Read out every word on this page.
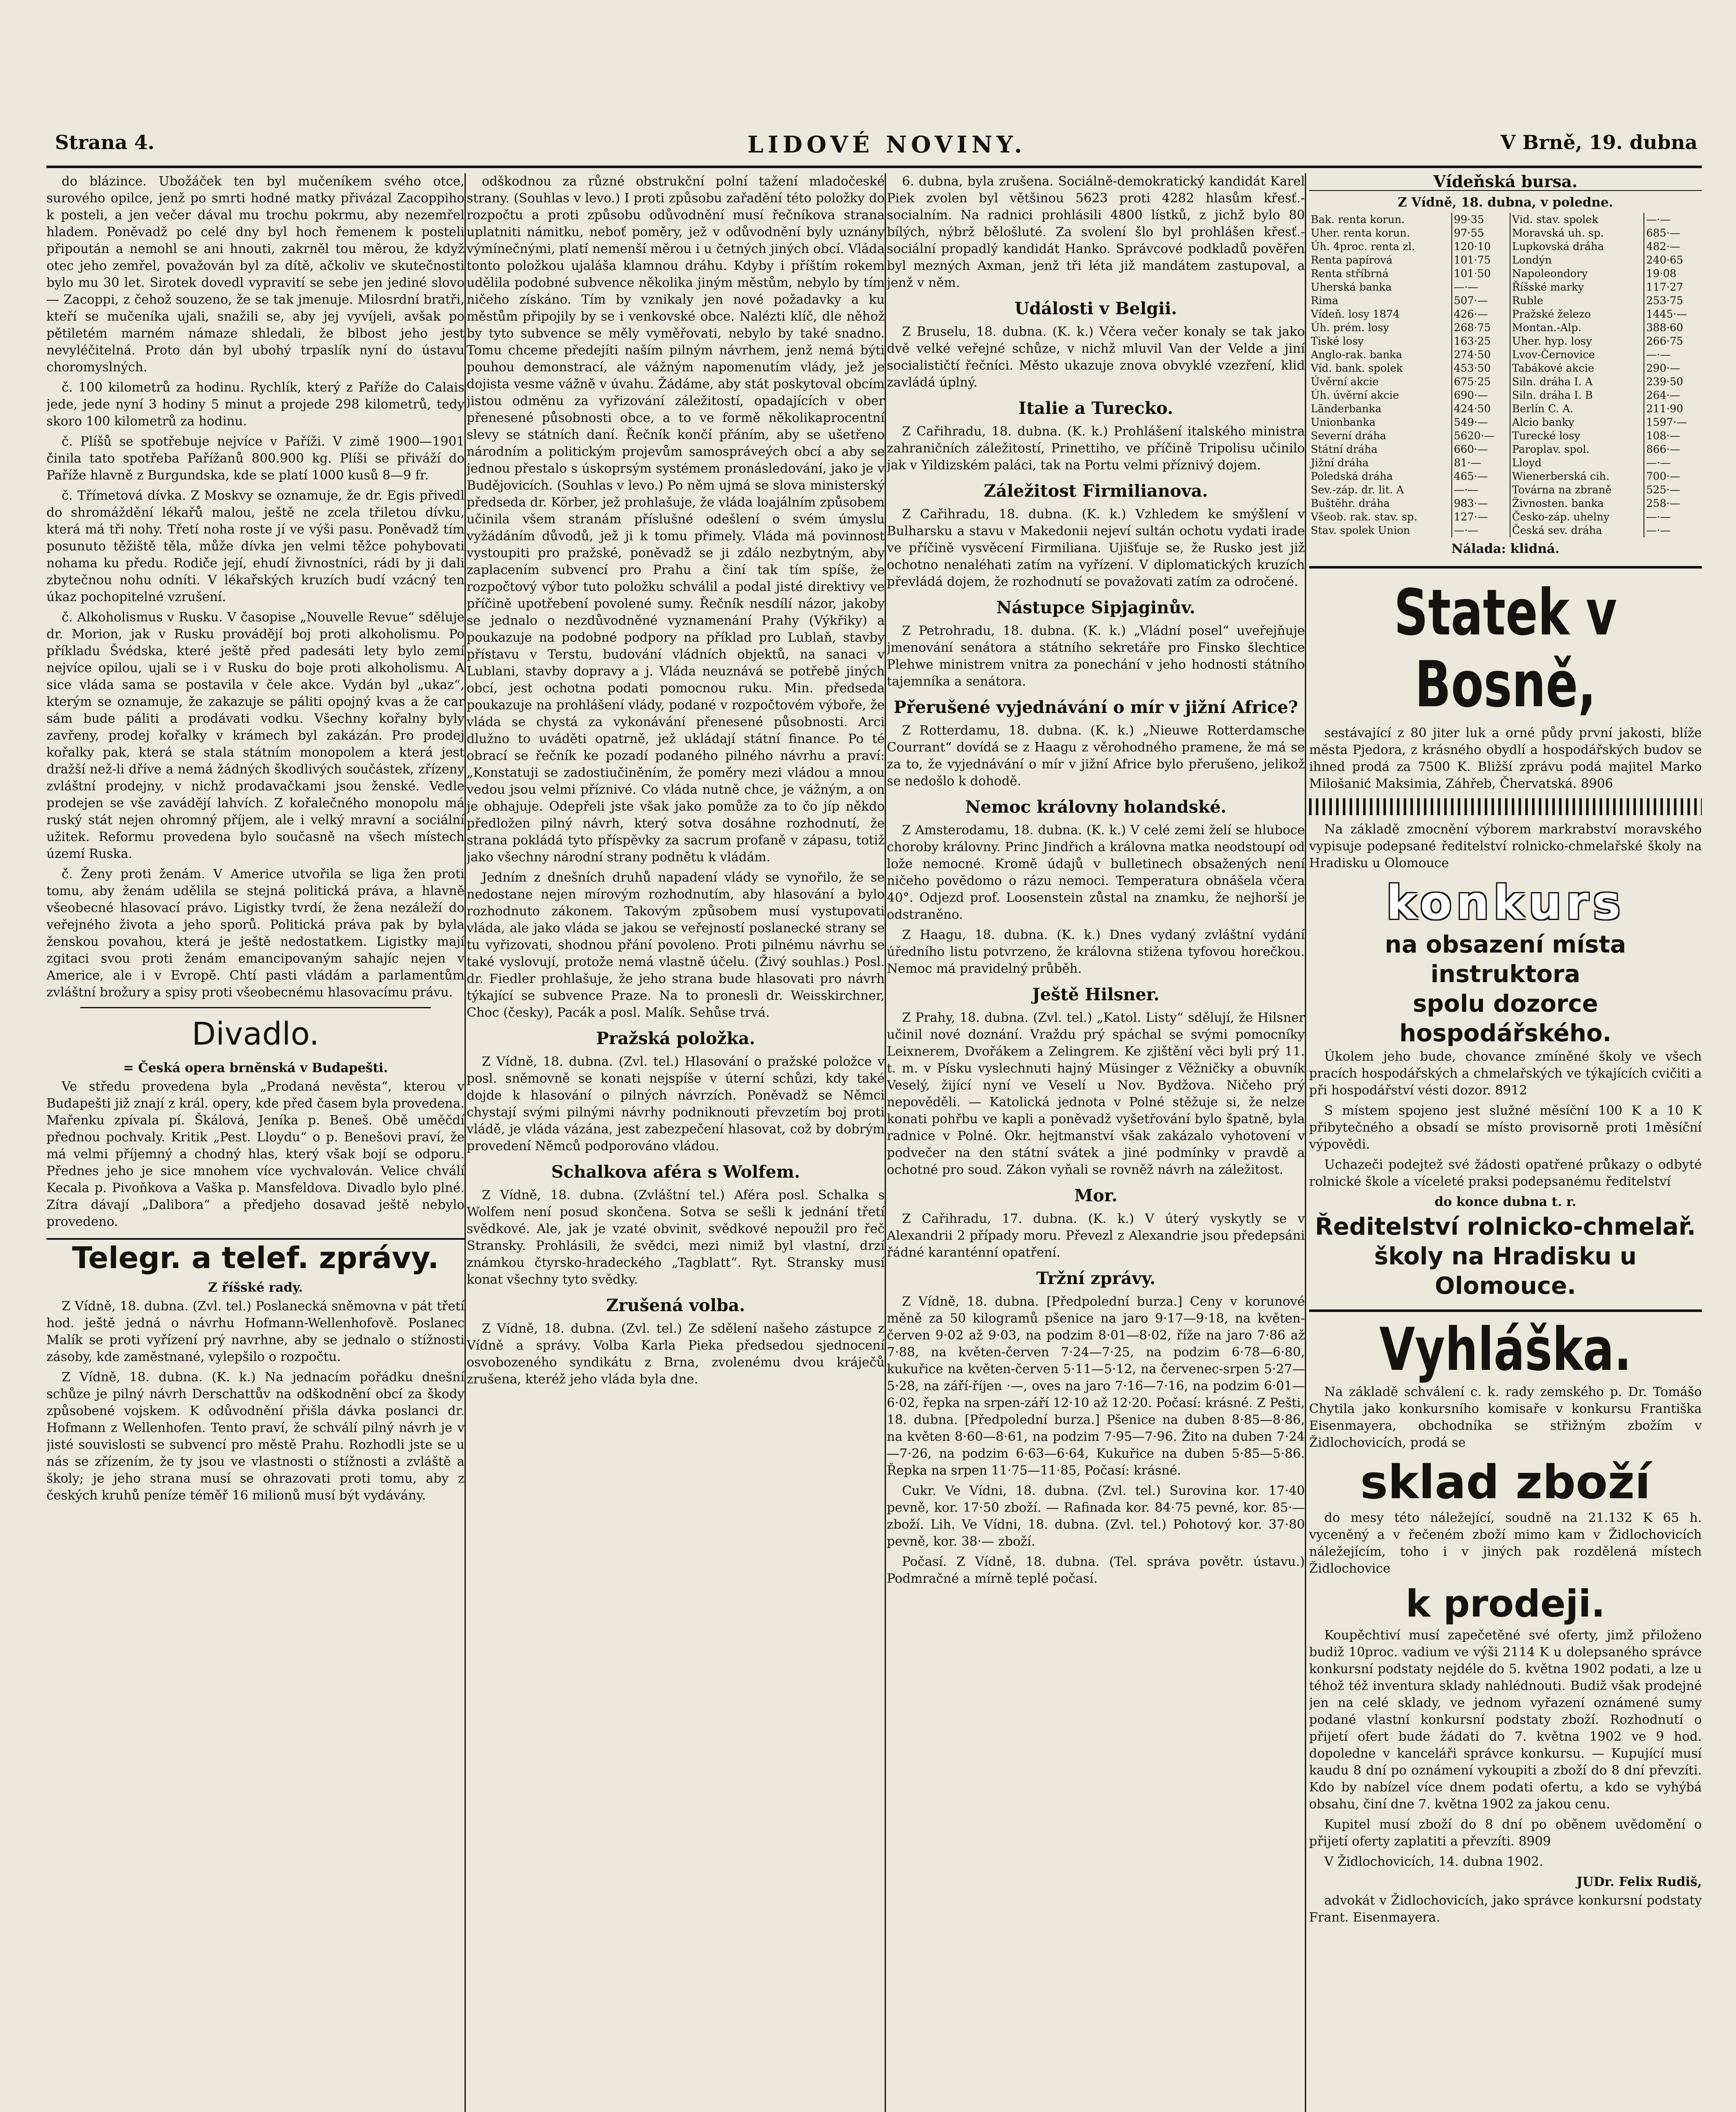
Strana 4.	LIDOVÉ NOVINY.	V Brně, 19. dubna

do blázince. Ubožáček ten byl mučeníkem svého otce, surového opilce, jenž po smrti hodné matky přivázal Zacoppiho k posteli, a jen večer dával mu trochu pokrmu, aby nezemřel hladem. Poněvadž po celé dny byl hoch řemenem k posteli připoután a nemohl se ani hnouti, zakrněl tou měrou, že když otec jeho zemřel, považován byl za dítě, ačkoliv ve skutečnosti bylo mu 30 let. Sirotek dovedl vypravití se sebe jen jediné slovo — Zacoppi, z čehož souzeno, že se tak jmenuje. Milosrdní bratři, kteří se mučeníka ujali, snažili se, aby jej vyvíjeli, avšak po pětiletém marném námaze shledali, že blbost jeho jest nevyléčitelná. Proto dán byl ubohý trpaslík nyní do ústavu choromyslných.

č. 100 kilometrů za hodinu. Rychlík, který z Paříže do Calais jede, jede nyní 3 hodiny 5 minut a projede 298 kilometrů, tedy skoro 100 kilometrů za hodinu.

č. Plíšů se spotřebuje nejvíce v Paříži. V zimě 1900—1901 činila tato spotřeba Pařížanů 800.900 kg. Plíši se přiváží do Paříže hlavně z Burgundska, kde se platí 1000 kusů 8—9 fr.

č. Třímetová dívka. Z Moskvy se oznamuje, že dr. Egis přivedl do shromáždění lékařů malou, ještě ne zcela třiletou dívku, která má tři nohy. Třetí noha roste jí ve výši pasu. Poněvadž tím posunuto těžiště těla, může dívka jen velmi těžce pohybovati nohama ku předu. Rodiče její, ehudí živnostníci, rádi by ji dali zbytečnou nohu odníti. V lékařských kruzích budí vzácný ten úkaz pochopitelné vzrušení.

č. Alkoholismus v Rusku. V časopise „Nouvelle Revue“ sděluje dr. Morion, jak v Rusku provádějí boj proti alkoholismu. Po příkladu Švédska, které ještě před padesáti lety bylo zemí nejvíce opilou, ujali se i v Rusku do boje proti alkoholismu. A sice vláda sama se postavila v čele akce. Vydán byl „ukaz“, kterým se oznamuje, že zakazuje se páliti opojný kvas a že car sám bude páliti a prodávati vodku. Všechny kořalny byly zavřeny, prodej kořalky v krámech byl zakázán. Pro prodej kořalky pak, která se stala státním monopolem a která jest dražší než-li dříve a nemá žádných škodlivých součástek, zřízeny zvláštní prodejny, v nichž prodavačkami jsou ženské. Vedle prodejen se vše zavádějí lahvích. Z kořalečného monopolu má ruský stát nejen ohromný příjem, ale i velký mravní a sociální užitek. Reformu provedena bylo současně na všech místech území Ruska.

č. Ženy proti ženám. V Americe utvořila se liga žen proti tomu, aby ženám udělila se stejná politická práva, a hlavně všeobecné hlasovací právo. Ligistky tvrdí, že žena nezáleží do veřejného života a jeho sporů. Politická práva pak by byla ženskou povahou, která je ještě nedostatkem. Ligistky mají zgitaci svou proti ženám emancipovaným sahajíc nejen v Americe, ale i v Evropě. Chtí pasti vládám a parlamentům zvláštní brožury a spisy proti všeobecnému hlasovacímu právu.

Divadlo.
= Česká opera brněnská v Budapešti.

Ve středu provedena byla „Prodaná nevěsta“, kterou v Budapešti již znají z král. opery, kde před časem byla provedena. Mařenku zpívala pí. Škálová, Jeníka p. Beneš. Obě uměčdí přednou pochvaly. Kritik „Pest. Lloydu“ o p. Benešovi praví, že má velmi příjemný a chodný hlas, který však bojí se odporu. Přednes jeho je sice mnohem více vychvalován. Velice chválí Kecala p. Pivoňkova a Vaška p. Mansfeldova. Divadlo bylo plné. Zítra dávají „Dalibora“ a předjeho dosavad ještě nebylo provedeno.

Telegr. a telef. zprávy.
Z říšské rady.

Z Vídně, 18. dubna. (Zvl. tel.) Poslanecká sněmovna v pát třetí hod. ještě jedná o návrhu Hofmann-Wellenhofově. Poslanec Malík se proti vyřízení prý navrhne, aby se jednalo o stížnosti zásoby, kde zaměstnané, vylepšilo o rozpočtu.

Z Vídně, 18. dubna. (K. k.) Na jednacím pořádku dnešní schůze je pilný návrh Derschattův na odškodnění obcí za škody způsobené vojskem. K odůvodnění přišla dávka poslanci dr. Hofmann z Wellenhofen. Tento praví, že schválí pilný návrh je v jisté souvislosti se subvencí pro městě Prahu. Rozhodli jste se u nás se zřízením, že ty jsou ve vlastnosti o stížnosti a zvláště a školy; je jeho strana musí se ohrazovati proti tomu, aby z českých kruhů peníze téměř 16 milionů musí být vydávány.

odškodnou za různé obstrukční polní tažení mladočeské strany. (Souhlas v levo.) I proti způsobu zařadění této položky do rozpočtu a proti způsobu odůvodnění musí řečníkova strana uplatniti námitku, neboť poměry, jež v odůvodnění byly uznány výmínečnými, platí nemenší měrou i u četných jiných obcí. Vláda tonto položkou ujaláša klamnou dráhu. Kdyby i příštím rokem udělila podobné subvence několika jiným městům, nebylo by tím ničeho získáno. Tím by vznikaly jen nové požadavky a ku městům připojily by se i venkovské obce. Nalézti klíč, dle něhož by tyto subvence se měly vyměřovati, nebylo by také snadno. Tomu chceme předejíti naším pilným návrhem, jenž nemá býti pouhou demonstrací, ale vážným napomenutím vlády, jež je dojista vesme vážně v úvahu. Žádáme, aby stát poskytoval obcím jistou odměnu za vyřizování záležitostí, opadajících v ober přenesené působnosti obce, a to ve formě několikaprocentní slevy se státních daní. Řečník končí přáním, aby se ušetřeno národním a politickým projevům samospráveých obcí a aby se jednou přestalo s úskoprsým systémem pronásledování, jako je v Budějovicích. (Souhlas v levo.) Po něm ujmá se slova ministerský předseda dr. Körber, jež prohlašuje, že vláda loajálním způsobem učinila všem stranám příslušné odešlení o svém úmyslu vyžádáním důvodů, jež ji k tomu přimely. Vláda má povinnost vystoupiti pro pražské, poněvadž se ji zdálo nezbytným, aby zaplacením subvencí pro Prahu a činí tak tím spíše, že rozpočtový výbor tuto položku schválil a podal jisté direktivy ve příčině upotřebení povolené sumy. Řečník nesdílí názor, jakoby se jednalo o nezdůvodněné vyznamenání Prahy (Výkřiky) a poukazuje na podobné podpory na příklad pro Lublaň, stavby přístavu v Terstu, budování vládních objektů, na sanaci v Lublani, stavby dopravy a j. Vláda neuznává se potřebě jiných obcí, jest ochotna podati pomocnou ruku. Min. předseda poukazuje na prohlášení vlády, podané v rozpočtovém výboře, že vláda se chystá za vykonávání přenesené působnosti. Arci dlužno to uváděti opatrně, jež ukládají státní finance. Po té obrací se řečník ke pozadí podaného pilného návrhu a praví: „Konstatuji se zadostiučiněním, že poměry mezi vládou a mnou vedou jsou velmi příznivé. Co vláda nutně chce, je vážným, a on je obhajuje. Odepřeli jste však jako pomůže za to čo jíp někdo předložen pilný návrh, který sotva dosáhne rozhodnutí, že strana pokládá tyto příspěvky za sacrum profaně v zápasu, totiž jako všechny národní strany podnětu k vládám.

Jedním z dnešních druhů napadení vlády se vynořilo, že se nedostane nejen mírovým rozhodnutím, aby hlasování a bylo rozhodnuto zákonem. Takovým způsobem musí vystupovati vláda, ale jako vláda se jakou se veřejností poslanecké strany se tu vyřizovati, shodnou přání povoleno. Proti pilnému návrhu se také vyslovují, protože nemá vlastně účelu. (Živý souhlas.) Posl. dr. Fiedler prohlašuje, že jeho strana bude hlasovati pro návrh týkající se subvence Praze. Na to pronesli dr. Weisskirchner, Choc (česky), Pacák a posl. Malík. Sehůse trvá.

Pražská položka.

Z Vídně, 18. dubna. (Zvl. tel.) Hlasování o pražské položce v posl. sněmovně se konati nejspíše v úterní schůzi, kdy také dojde k hlasování o pilných návrzích. Poněvadž se Němci chystají svými pilnými návrhy podniknouti převzetím boj proti vládě, je vláda vázána, jest zabezpečení hlasovat, což by dobrým provedení Němců podporováno vládou.

Schalkova aféra s Wolfem.

Z Vídně, 18. dubna. (Zvláštní tel.) Aféra posl. Schalka s Wolfem není posud skončena. Sotva se sešli k jednání třetí svědkové. Ale, jak je vzaté obvinit, svědkové nepoužil pro řeč Stransky. Prohlásili, že svědci, mezi nimiž byl vlastní, drzí známkou čtyrsko-hradeckého „Tagblatt“. Ryt. Stransky musí konat všechny tyto svědky.

Zrušená volba.

Z Vídně, 18. dubna. (Zvl. tel.) Ze sdělení našeho zástupce z Vídně a správy. Volba Karla Pieka předsedou sjednocení osvobozeného syndikátu z Brna, zvolenému dvou kráječů zrušena, kteréž jeho vláda byla dne.

6. dubna, byla zrušena. Sociálně-demokratický kandidát Karel Piek zvolen byl většinou 5623 proti 4282 hlasům křesť.-socialním. Na radnici prohlásili 4800 lístků, z jichž bylo 80 bílých, nýbrž bělošluté. Za svolení šlo byl prohlášen křesť.-sociální propadlý kandidát Hanko. Správcové podkladů pověřen byl mezných Axman, jenž tři léta již mandátem zastupoval, a jenž v něm.

Události v Belgii.

Z Bruselu, 18. dubna. (K. k.) Včera večer konaly se tak jako dvě velké veřejné schůze, v nichž mluvil Van der Velde a jiní socialističtí řečníci. Město ukazuje znova obvyklé vzezření, klid zavládá úplný.

Italie a Turecko.

Z Cařihradu, 18. dubna. (K. k.) Prohlášení italského ministra zahraničních záležitostí, Prinettiho, ve příčině Tripolisu učinilo jak v Yildizském paláci, tak na Portu velmi příznivý dojem.

Záležitost Firmilianova.

Z Cařihradu, 18. dubna. (K. k.) Vzhledem ke smýšlení v Bulharsku a stavu v Makedonii nejeví sultán ochotu vydati irade ve příčině vysvěcení Firmiliana. Ujišťuje se, že Rusko jest již ochotno nenaléhati zatím na vyřízení. V diplomatických kruzích převládá dojem, že rozhodnutí se považovati zatím za odročené.

Nástupce Sipjaginův.

Z Petrohradu, 18. dubna. (K. k.) „Vládní posel“ uveřejňuje jmenování senátora a státního sekretáře pro Finsko šlechtice Plehwe ministrem vnitra za ponechání v jeho hodnosti státního tajemníka a senátora.

Přerušené vyjednávání o mír v jižní Africe?

Z Rotterdamu, 18. dubna. (K. k.) „Nieuwe Rotterdamsche Courrant“ dovídá se z Haagu z věrohodného pramene, že má se za to, že vyjednávání o mír v jižní Africe bylo přerušeno, jelikož se nedošlo k dohodě.

Nemoc královny holandské.

Z Amsterodamu, 18. dubna. (K. k.) V celé zemi želí se hluboce choroby královny. Princ Jindřich a královna matka neodstoupí od lože nemocné. Kromě údajů v bulletinech obsažených není ničeho povědomo o rázu nemoci. Temperatura obnášela včera 40°. Odjezd prof. Loosenstein zůstal na znamku, že nejhorší je odstraněno.

Z Haagu, 18. dubna. (K. k.) Dnes vydaný zvláštní vydání úředního listu potvrzeno, že královna stižena tyfovou horečkou. Nemoc má pravidelný průběh.

Ještě Hilsner.

Z Prahy, 18. dubna. (Zvl. tel.) „Katol. Listy“ sdělují, že Hilsner učinil nové doznání. Vraždu prý spáchal se svými pomocníky Leixnerem, Dvořákem a Zelingrem. Ke zjištění věci byli prý 11. t. m. v Písku vyslechnuti hajný Müsinger z Věžničky a obuvník Veselý, žijící nyní ve Veselí u Nov. Bydžova. Ničeho prý nepověděli. — Katolická jednota v Polné stěžuje si, že nelze konati pohřbu ve kapli a poněvadž vyšetřování bylo špatně, byla radnice v Polné. Okr. hejtmanství však zakázalo vyhotovení v podvečer na den státní svátek a jiné podmínky v pravdě a ochotné pro soud. Zákon vyňali se rovněž návrh na záležitost.

Mor.

Z Cařihradu, 17. dubna. (K. k.) V úterý vyskytly se v Alexandrii 2 případy moru. Převezl z Alexandrie jsou předepsáni řádné karanténní opatření.

Tržní zprávy.

Z Vídně, 18. dubna. [Předpolední burza.] Ceny v korunové měně za 50 kilogramů pšenice na jaro 9·17—9·18, na květen-červen 9·02 až 9·03, na podzim 8·01—8·02, říže na jaro 7·86 až 7·88, na květen-červen 7·24—7·25, na podzim 6·78—6·80, kukuřice na květen-červen 5·11—5·12, na červenec-srpen 5·27—5·28, na září-říjen ·—, oves na jaro 7·16—7·16, na podzim 6·01—6·02, řepka na srpen-září 12·10 až 12·20. Počasí: krásné. Z Pešti, 18. dubna. [Předpolední burza.] Pšenice na duben 8·85—8·86, na květen 8·60—8·61, na podzim 7·95—7·96. Žito na duben 7·24—7·26, na podzim 6·63—6·64, Kukuřice na duben 5·85—5·86. Řepka na srpen 11·75—11·85, Počasí: krásné.

Cukr. Ve Vídni, 18. dubna. (Zvl. tel.) Surovina kor. 17·40 pevně, kor. 17·50 zboží. — Rafinada kor. 84·75 pevné, kor. 85·— zboží. Lih. Ve Vídni, 18. dubna. (Zvl. tel.) Pohotový kor. 37·80 pevně, kor. 38·— zboží.

Počasí. Z Vídně, 18. dubna. (Tel. správa povětr. ústavu.) Podmračné a mírně teplé počasí.

Vídeňská bursa.
Z Vídně, 18. dubna, v poledne.
Bak. renta korun.	99·35	Vid. stav. spolek	—·—
Uher. renta korun.	97·55	Moravská uh. sp.	685·—
Úh. 4proc. renta zl.	120·10	Lupkovská dráha	482·—
Renta papírová	101·75	Londýn	240·65
Renta stříbrná	101·50	Napoleondory	19·08
Uherská banka	—·—	Říšské marky	117·27
Rima	507·—	Ruble	253·75
Vídeň. losy 1874	426·—	Pražské železo	1445·—
Úh. prém. losy	268·75	Montan.-Alp.	388·60
Tiské losy	163·25	Uher. hyp. losy	266·75
Anglo-rak. banka	274·50	Lvov-Černovice	—·—
Víd. bank. spolek	453·50	Tabákové akcie	290·—
Úvěrní akcie	675·25	Siln. dráha I. A	239·50
Úh. úvěrní akcie	690·—	Siln. dráha I. B	264·—
Länderbanka	424·50	Berlín C. A.	211·90
Unionbanka	549·—	Alcio banky	1597·—
Severní dráha	5620·—	Turecké losy	108·—
Státní dráha	660·—	Paroplav. spol.	866·—
Jižní dráha	81·—	Lloyd	—·—
Poledská dráha	465·—	Wienerberská cih.	700·—
Sev.-záp. dr. lit. A	—·—	Továrna na zbraně	525·—
Buštěhr. dráha	983·—	Živnosten. banka	258·—
Všeob. rak. stav. sp.	127·—	Česko-záp. uhelny	—·—
Stav. spolek Union	—·—	Česká sev. dráha	—·—
Nálada: klidná.
Statek v Bosně,

sestávající z 80 jiter luk a orné půdy první jakosti, blíže města Pjedora, z krásného obydlí a hospodářských budov se ihned prodá za 7500 K. Bližší zprávu podá majitel Marko Milošanić Maksimia, Záhřeb, Čhervatská. 8906

Na základě zmocnění výborem markrabství moravského vypisuje podepsané ředitelství rolnicko-chmelařské školy na Hradisku u Olomouce

konkurs
na obsazení místa instruktora
spolu dozorce hospodářského.

Úkolem jeho bude, chovance zmíněné školy ve všech pracích hospodářských a chmelařských ve týkajících cvičiti a při hospodářství vésti dozor. 8912

S místem spojeno jest služné měsíční 100 K a 10 K přibytečného a obsadí se místo provisorně proti 1měsíční výpovědi.

Uchazeči podejtež své žádosti opatřené průkazy o odbyté rolnické škole a víceleté praksi podepsanému ředitelství

do konce dubna t. r.
Ředitelství rolnicko-chmelař. školy na Hradisku u Olomouce.
Vyhláška.

Na základě schválení c. k. rady zemského p. Dr. Tomášo Chytila jako konkursního komisaře v konkursu Františka Eisenmayera, obchodníka se střižným zbožím v Židlochovicích, prodá se

sklad zboží

do mesy této náležející, soudně na 21.132 K 65 h. vyceněný a v řečeném zboží mimo kam v Židlochovicích náležejícím, toho i v jiných pak rozdělená místech Židlochovice

k prodeji.

Koupěchtiví musí zapečetěné své oferty, jimž přiloženo budiž 10proc. vadium ve výši 2114 K u dolepsaného správce konkursní podstaty nejdéle do 5. května 1902 podati, a lze u téhož též inventura sklady nahlédnouti. Budiž však prodejné jen na celé sklady, ve jednom vyřazení oznámené sumy podané vlastní konkursní podstaty zboží. Rozhodnutí o přijetí ofert bude žádati do 7. května 1902 ve 9 hod. dopoledne v kanceláři správce konkursu. — Kupující musí kaudu 8 dní po oznámení vykoupiti a zboží do 8 dní převzíti. Kdo by nabízel více dnem podati ofertu, a kdo se vyhýbá obsahu, činí dne 7. května 1902 za jakou cenu.

Kupitel musí zboží do 8 dní po oběnem uvědomění o přijetí oferty zaplatiti a převzíti. 8909

V Židlochovicích, 14. dubna 1902.

JUDr. Felix Rudiš,

advokát v Židlochovicích, jako správce konkursní podstaty Frant. Eisenmayera.
